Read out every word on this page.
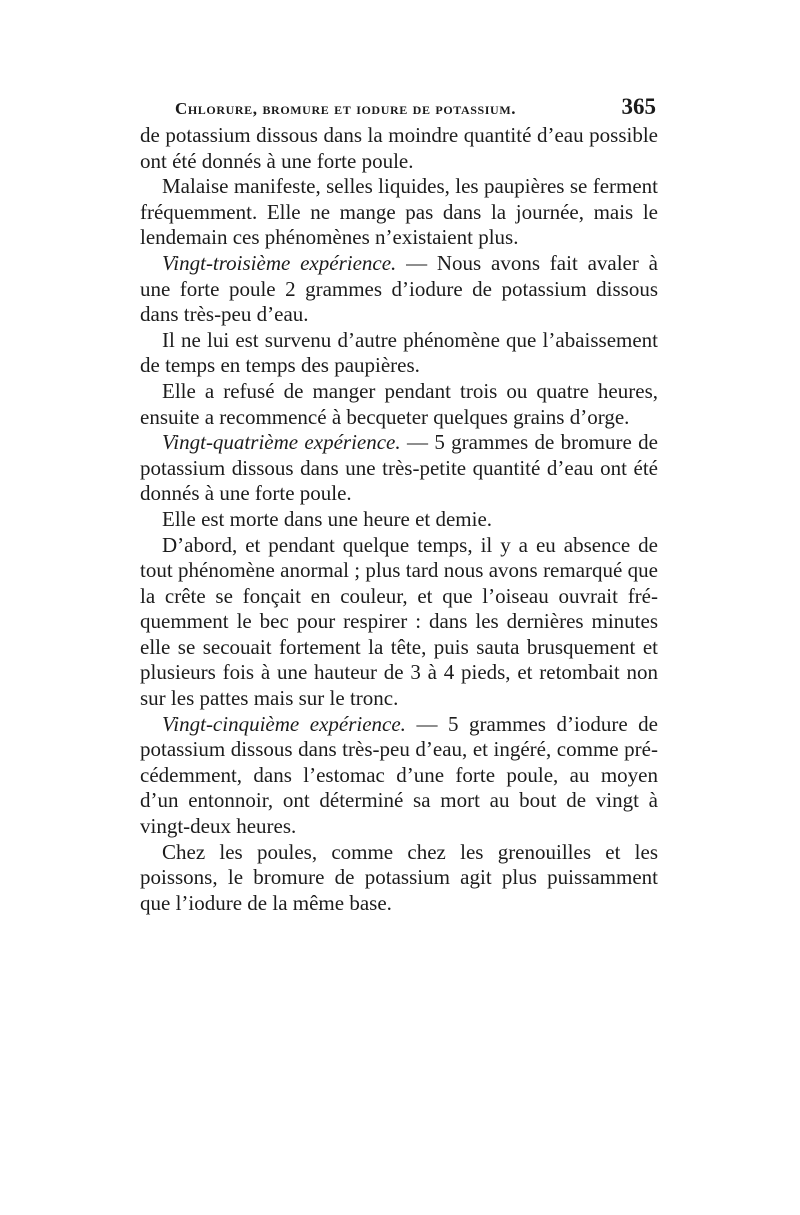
Chlorure, bromure et iodure de potassium.	365

de potassium dissous dans la moindre quantité d’eau possible ont été donnés à une forte poule.

Malaise manifeste, selles liquides, les paupières se ferment fréquemment. Elle ne mange pas dans la journée, mais le lendemain ces phénomènes n’existaient plus.

Vingt-troisième expérience. — Nous avons fait avaler à une forte poule 2 grammes d’iodure de potassium dissous dans très-peu d’eau.

Il ne lui est survenu d’autre phénomène que l’abaissement de temps en temps des paupières.

Elle a refusé de manger pendant trois ou quatre heures, ensuite a recommencé à becqueter quelques grains d’orge.

Vingt-quatrième expérience. — 5 grammes de bromure de potassium dissous dans une très-petite quantité d’eau ont été donnés à une forte poule.

Elle est morte dans une heure et demie.

D’abord, et pendant quelque temps, il y a eu absence de tout phénomène anormal ; plus tard nous avons remarqué que la crête se fonçait en couleur, et que l’oiseau ouvrait fréquemment le bec pour respirer : dans les dernières minutes elle se secouait fortement la tête, puis sauta brusquement et plusieurs fois à une hauteur de 3 à 4 pieds, et retombait non sur les pattes mais sur le tronc.

Vingt-cinquième expérience. — 5 grammes d’iodure de potassium dissous dans très-peu d’eau, et ingéré, comme précédemment, dans l’estomac d’une forte poule, au moyen d’un entonnoir, ont déterminé sa mort au bout de vingt à vingt-deux heures.

Chez les poules, comme chez les grenouilles et les poissons, le bromure de potassium agit plus puissamment que l’iodure de la même base.
